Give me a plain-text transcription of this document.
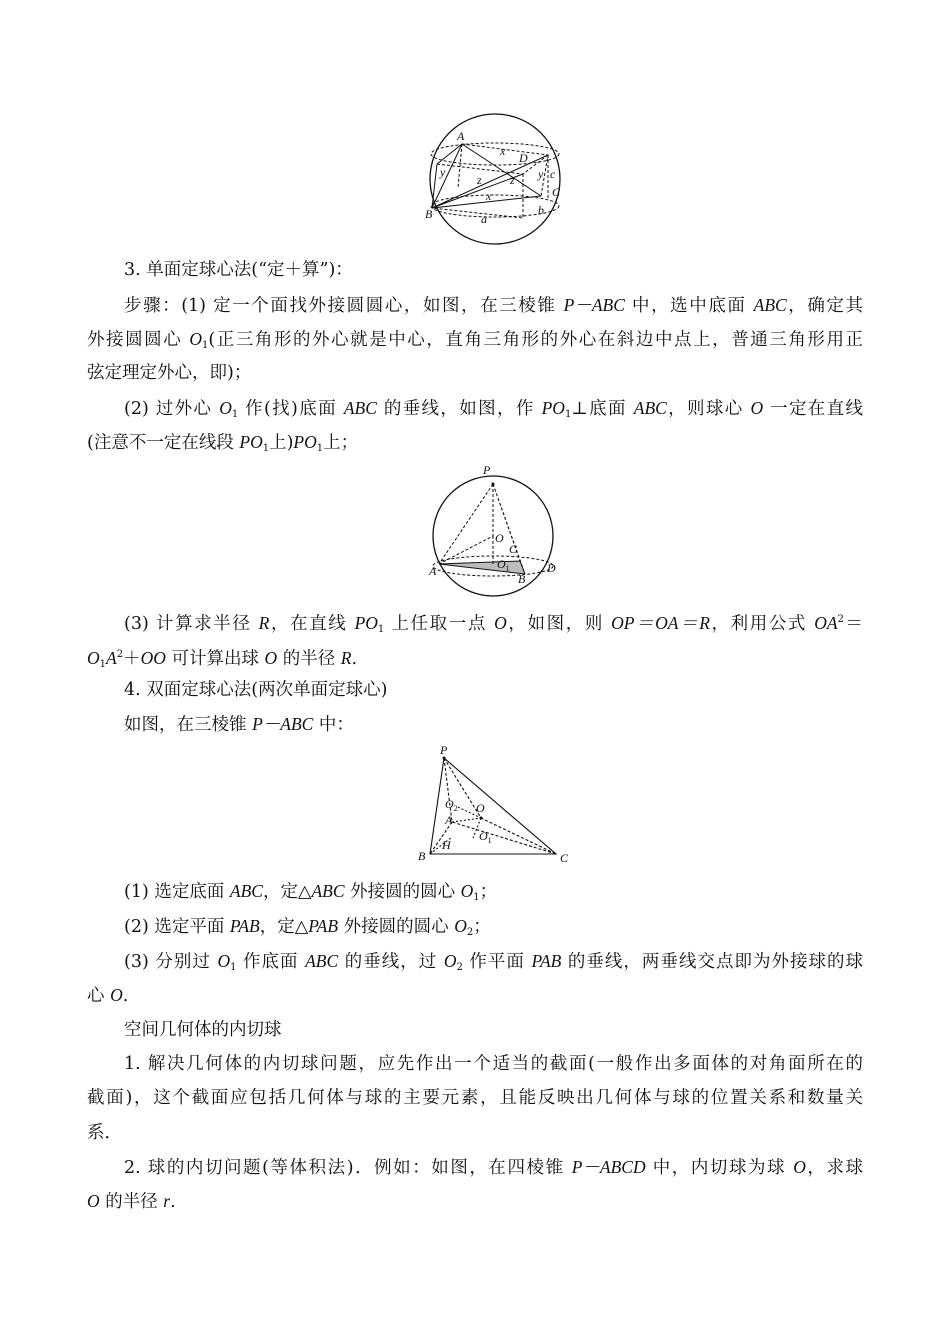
A
B
C
D
a
b
c
x
x
y	y
z z
3. 单面定球心法(“定＋算”)：
步骤：(1) 定一个面找外接圆圆心，如图，在三棱锥 P－ABC 中，选中底面 ABC，确定其
外接圆圆心 $O_1$(正三角形的外心就是中心，直角三角形的外心在斜边中点上，普通三角形用正
弦定理定外心，即)；
(2) 过外心 $O_1$ 作(找)底面 ABC 的垂线，如图，作 $PO_1\perp$底面 ABC，则球心 O 一定在直线
(注意不一定在线段 $PO_1$上)$PO_1$上；
P
A
B
C
D
O
$O_1$
(3) 计算求半径 R，在直线 $PO_1$ 上任取一点 O，如图，则 OP＝OA＝R，利用公式 $OA^2=$
$O_1A^2+OO$ 可计算出球 O 的半径 R.
4. 双面定球心法(两次单面定球心)
如图，在三棱锥 P－ABC 中：
P
B	C
A
H
O
$O_2$
$O_1$
(1) 选定底面 ABC，定△ABC 外接圆的圆心 $O_1$；
(2) 选定平面 PAB，定△PAB 外接圆的圆心 $O_2$；
(3) 分别过 $O_1$ 作底面 ABC 的垂线，过 $O_2$ 作平面 PAB 的垂线，两垂线交点即为外接球的球
心 O.
空间几何体的内切球
1. 解决几何体的内切球问题，应先作出一个适当的截面(一般作出多面体的对角面所在的
截面)，这个截面应包括几何体与球的主要元素，且能反映出几何体与球的位置关系和数量关
系．
2. 球的内切问题(等体积法)．例如：如图，在四棱锥 P－ABCD 中，内切球为球 O，求球
O 的半径 r.
